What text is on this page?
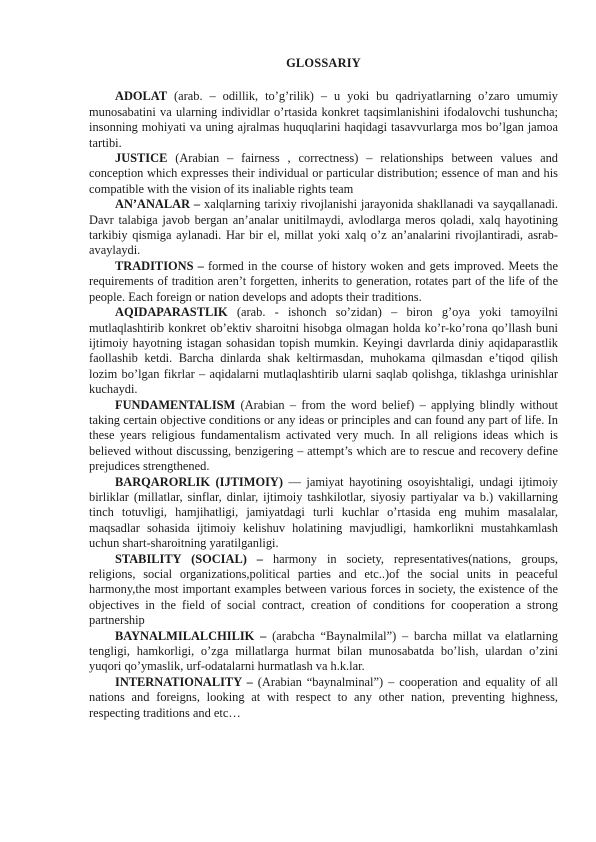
GLOSSARIY

ADOLAT (arab. – odillik, to’g’rilik) – u yoki bu qadriyatlarning o’zaro umumiy munosabatini va ularning individlar o’rtasida konkret taqsimlanishini ifodalovchi tushuncha; insonning mohiyati va uning ajralmas huquqlarini haqidagi tasavvurlarga mos bo’lgan jamoa tartibi.

JUSTICE (Arabian – fairness , correctness) – relationships between values and conception which expresses their individual or particular distribution; essence of man and his compatible with the vision of its inaliable rights team

AN’ANALAR – xalqlarning tarixiy rivojlanishi jarayonida shakllanadi va sayqallanadi. Davr talabiga javob bergan an’analar unitilmaydi, avlodlarga meros qoladi, xalq hayotining tarkibiy qismiga aylanadi. Har bir el, millat yoki xalq o’z an’analarini rivojlantiradi, asrab-avaylaydi.

TRADITIONS – formed in the course of history woken and gets improved. Meets the requirements of tradition aren’t forgetten, inherits to generation, rotates part of the life of the people. Each foreign or nation develops and adopts their traditions.

AQIDAPARASTLIK (arab. - ishonch so’zidan) – biron g’oya yoki tamoyilni mutlaqlashtirib konkret ob’ektiv sharoitni hisobga olmagan holda ko’r-ko’rona qo’llash buni ijtimoiy hayotning istagan sohasidan topish mumkin. Keyingi davrlarda diniy aqidaparastlik faollashib ketdi. Barcha dinlarda shak keltirmasdan, muhokama qilmasdan e’tiqod qilish lozim bo’lgan fikrlar – aqidalarni mutlaqlashtirib ularni saqlab qolishga, tiklashga urinishlar kuchaydi.

FUNDAMENTALISM (Arabian – from the word belief) – applying blindly without taking certain objective conditions or any ideas or principles and can found any part of life. In these years religious fundamentalism activated very much. In all religions ideas which is believed without discussing, benzigering – attempt’s which are to rescue and recovery define prejudices strengthened.

BARQARORLIK (IJTIMOIY) — jamiyat hayotining osoyishtaligi, undagi ijtimoiy birliklar (millatlar, sinflar, dinlar, ijtimoiy tashkilotlar, siyosiy partiyalar va b.) vakillarning tinch totuvligi, hamjihatligi, jamiyatdagi turli kuchlar o’rtasida eng muhim masalalar, maqsadlar sohasida ijtimoiy kelishuv holatining mavjudligi, hamkorlikni mustahkamlash uchun shart-sharoitning yaratilganligi.

STABILITY (SOCIAL) – harmony in society, representatives(nations, groups, religions, social organizations,political parties and etc..)of the social units in peaceful harmony,the most important examples between various forces in society, the existence of the objectives in the field of social contract, creation of conditions for cooperation a strong partnership

BAYNALMILALCHILIK – (arabcha “Baynalmilal”) – barcha millat va elatlarning tengligi, hamkorligi, o’zga millatlarga hurmat bilan munosabatda bo’lish, ulardan o’zini yuqori qo’ymaslik, urf-odatalarni hurmatlash va h.k.lar.

INTERNATIONALITY – (Arabian “baynalminal”) – cooperation and equality of all nations and foreigns, looking at with respect to any other nation, preventing highness, respecting traditions and etc…
